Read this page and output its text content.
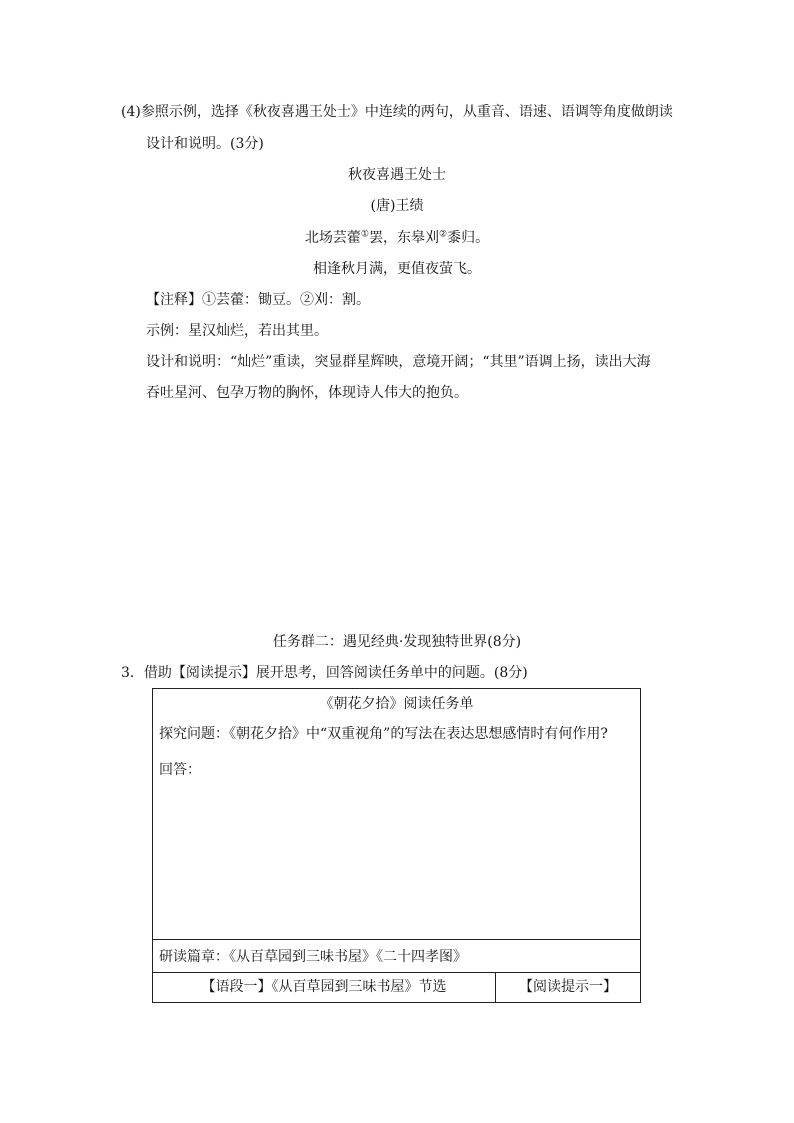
(4)参照示例，选择《秋夜喜遇王处士》中连续的两句，从重音、语速、语调等角度做朗读
设计和说明。(3分)
秋夜喜遇王处士
(唐)王绩
北场芸藿①罢，东皋刈②黍归。
相逢秋月满，更值夜萤飞。
【注释】①芸藿：锄豆。②刈：割。
示例：星汉灿烂，若出其里。
设计和说明：“灿烂”重读，突显群星辉映，意境开阔；“其里”语调上扬，读出大海
吞吐星河、包孕万物的胸怀，体现诗人伟大的抱负。
任务群二：遇见经典·发现独特世界(8分)
3．借助【阅读提示】展开思考，回答阅读任务单中的问题。(8分)
《朝花夕拾》阅读任务单
探究问题：《朝花夕拾》中“双重视角”的写法在表达思想感情时有何作用?
回答：
研读篇章：《从百草园到三味书屋》《二十四孝图》
【语段一】《从百草园到三味书屋》节选	【阅读提示一】
